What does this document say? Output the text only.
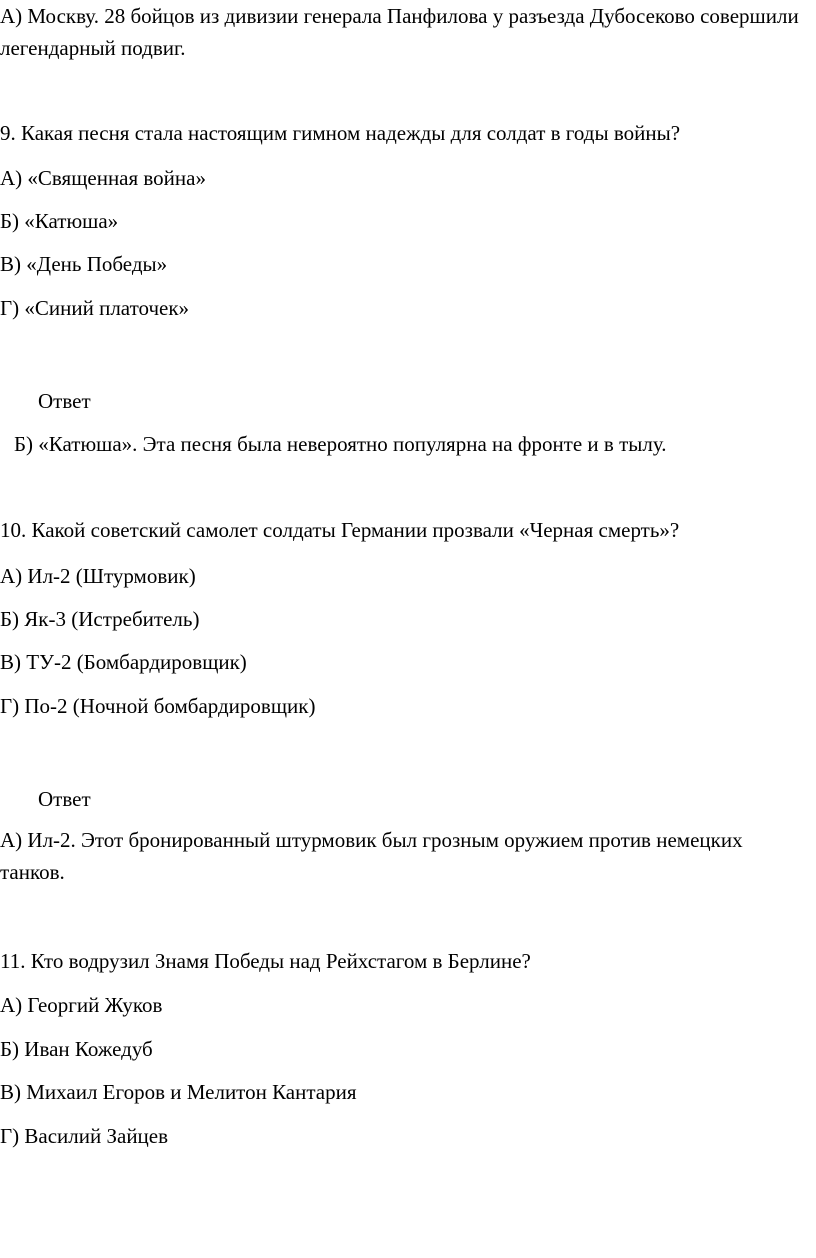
А) Москву. 28 бойцов из дивизии генерала Панфилова у разъезда Дубосеково совершили легендарный подвиг.
9. Какая песня стала настоящим гимном надежды для солдат в годы войны?
А) «Священная война»
Б) «Катюша»
В) «День Победы»
Г) «Синий платочек»
Ответ
Б) «Катюша». Эта песня была невероятно популярна на фронте и в тылу.
10. Какой советский самолет солдаты Германии прозвали «Черная смерть»?
А) Ил-2 (Штурмовик)
Б) Як-3 (Истребитель)
В) ТУ-2 (Бомбардировщик)
Г) По-2 (Ночной бомбардировщик)
Ответ
А) Ил-2. Этот бронированный штурмовик был грозным оружием против немецких танков.
11. Кто водрузил Знамя Победы над Рейхстагом в Берлине?
А) Георгий Жуков
Б) Иван Кожедуб
В) Михаил Егоров и Мелитон Кантария
Г) Василий Зайцев
